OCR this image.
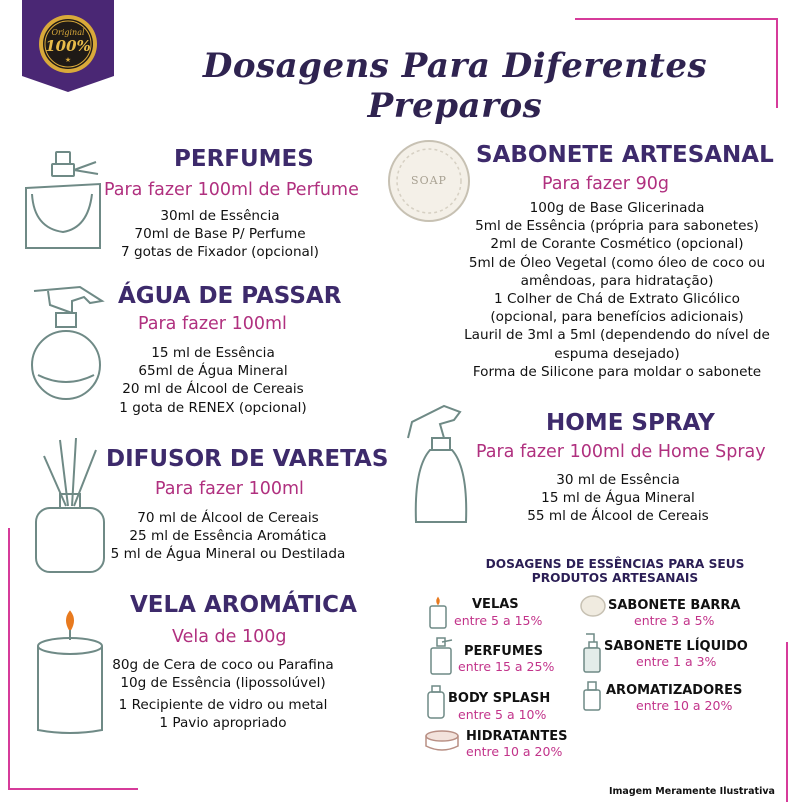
Original
100%
★	Dosagens Para Diferentes Preparos
PERFUMES
Para fazer 100ml de Perfume
30ml de Essência
70ml de Base P/ Perfume
7 gotas de Fixador (opcional)
ÁGUA DE PASSAR
Para fazer 100ml
15 ml de Essência
65ml de Água Mineral
20 ml de Álcool de Cereais
1 gota de RENEX (opcional)
DIFUSOR DE VARETAS
Para fazer 100ml
70 ml de Álcool de Cereais
25 ml de Essência Aromática
5 ml de Água Mineral ou Destilada
VELA AROMÁTICA
Vela de 100g
80g de Cera de coco ou Parafina
10g de Essência (lipossolúvel)
1 Recipiente de vidro ou metal
1 Pavio apropriado
SOAP
SABONETE ARTESANAL
Para fazer 90g
100g de Base Glicerinada
5ml de Essência (própria para sabonetes)
2ml de Corante Cosmético (opcional)
5ml de Óleo Vegetal (como óleo de coco ou
amêndoas, para hidratação)
1 Colher de Chá de Extrato Glicólico
(opcional, para benefícios adicionais)
Lauril de 3ml a 5ml (dependendo do nível de
espuma desejado)
Forma de Silicone para moldar o sabonete
HOME SPRAY
Para fazer 100ml de Home Spray
30 ml de Essência
15 ml de Água Mineral
55 ml de Álcool de Cereais
DOSAGENS DE ESSÊNCIAS PARA SEUS
PRODUTOS ARTESANAIS
VELAS
entre 5 a 15%
PERFUMES
entre 15 a 25%
BODY SPLASH
entre 5 a 10%
HIDRATANTES
entre 10 a 20%
SABONETE BARRA
entre 3 a 5%
SABONETE LÍQUIDO
entre 1 a 3%
AROMATIZADORES
entre 10 a 20%
Imagem Meramente Ilustrativa
